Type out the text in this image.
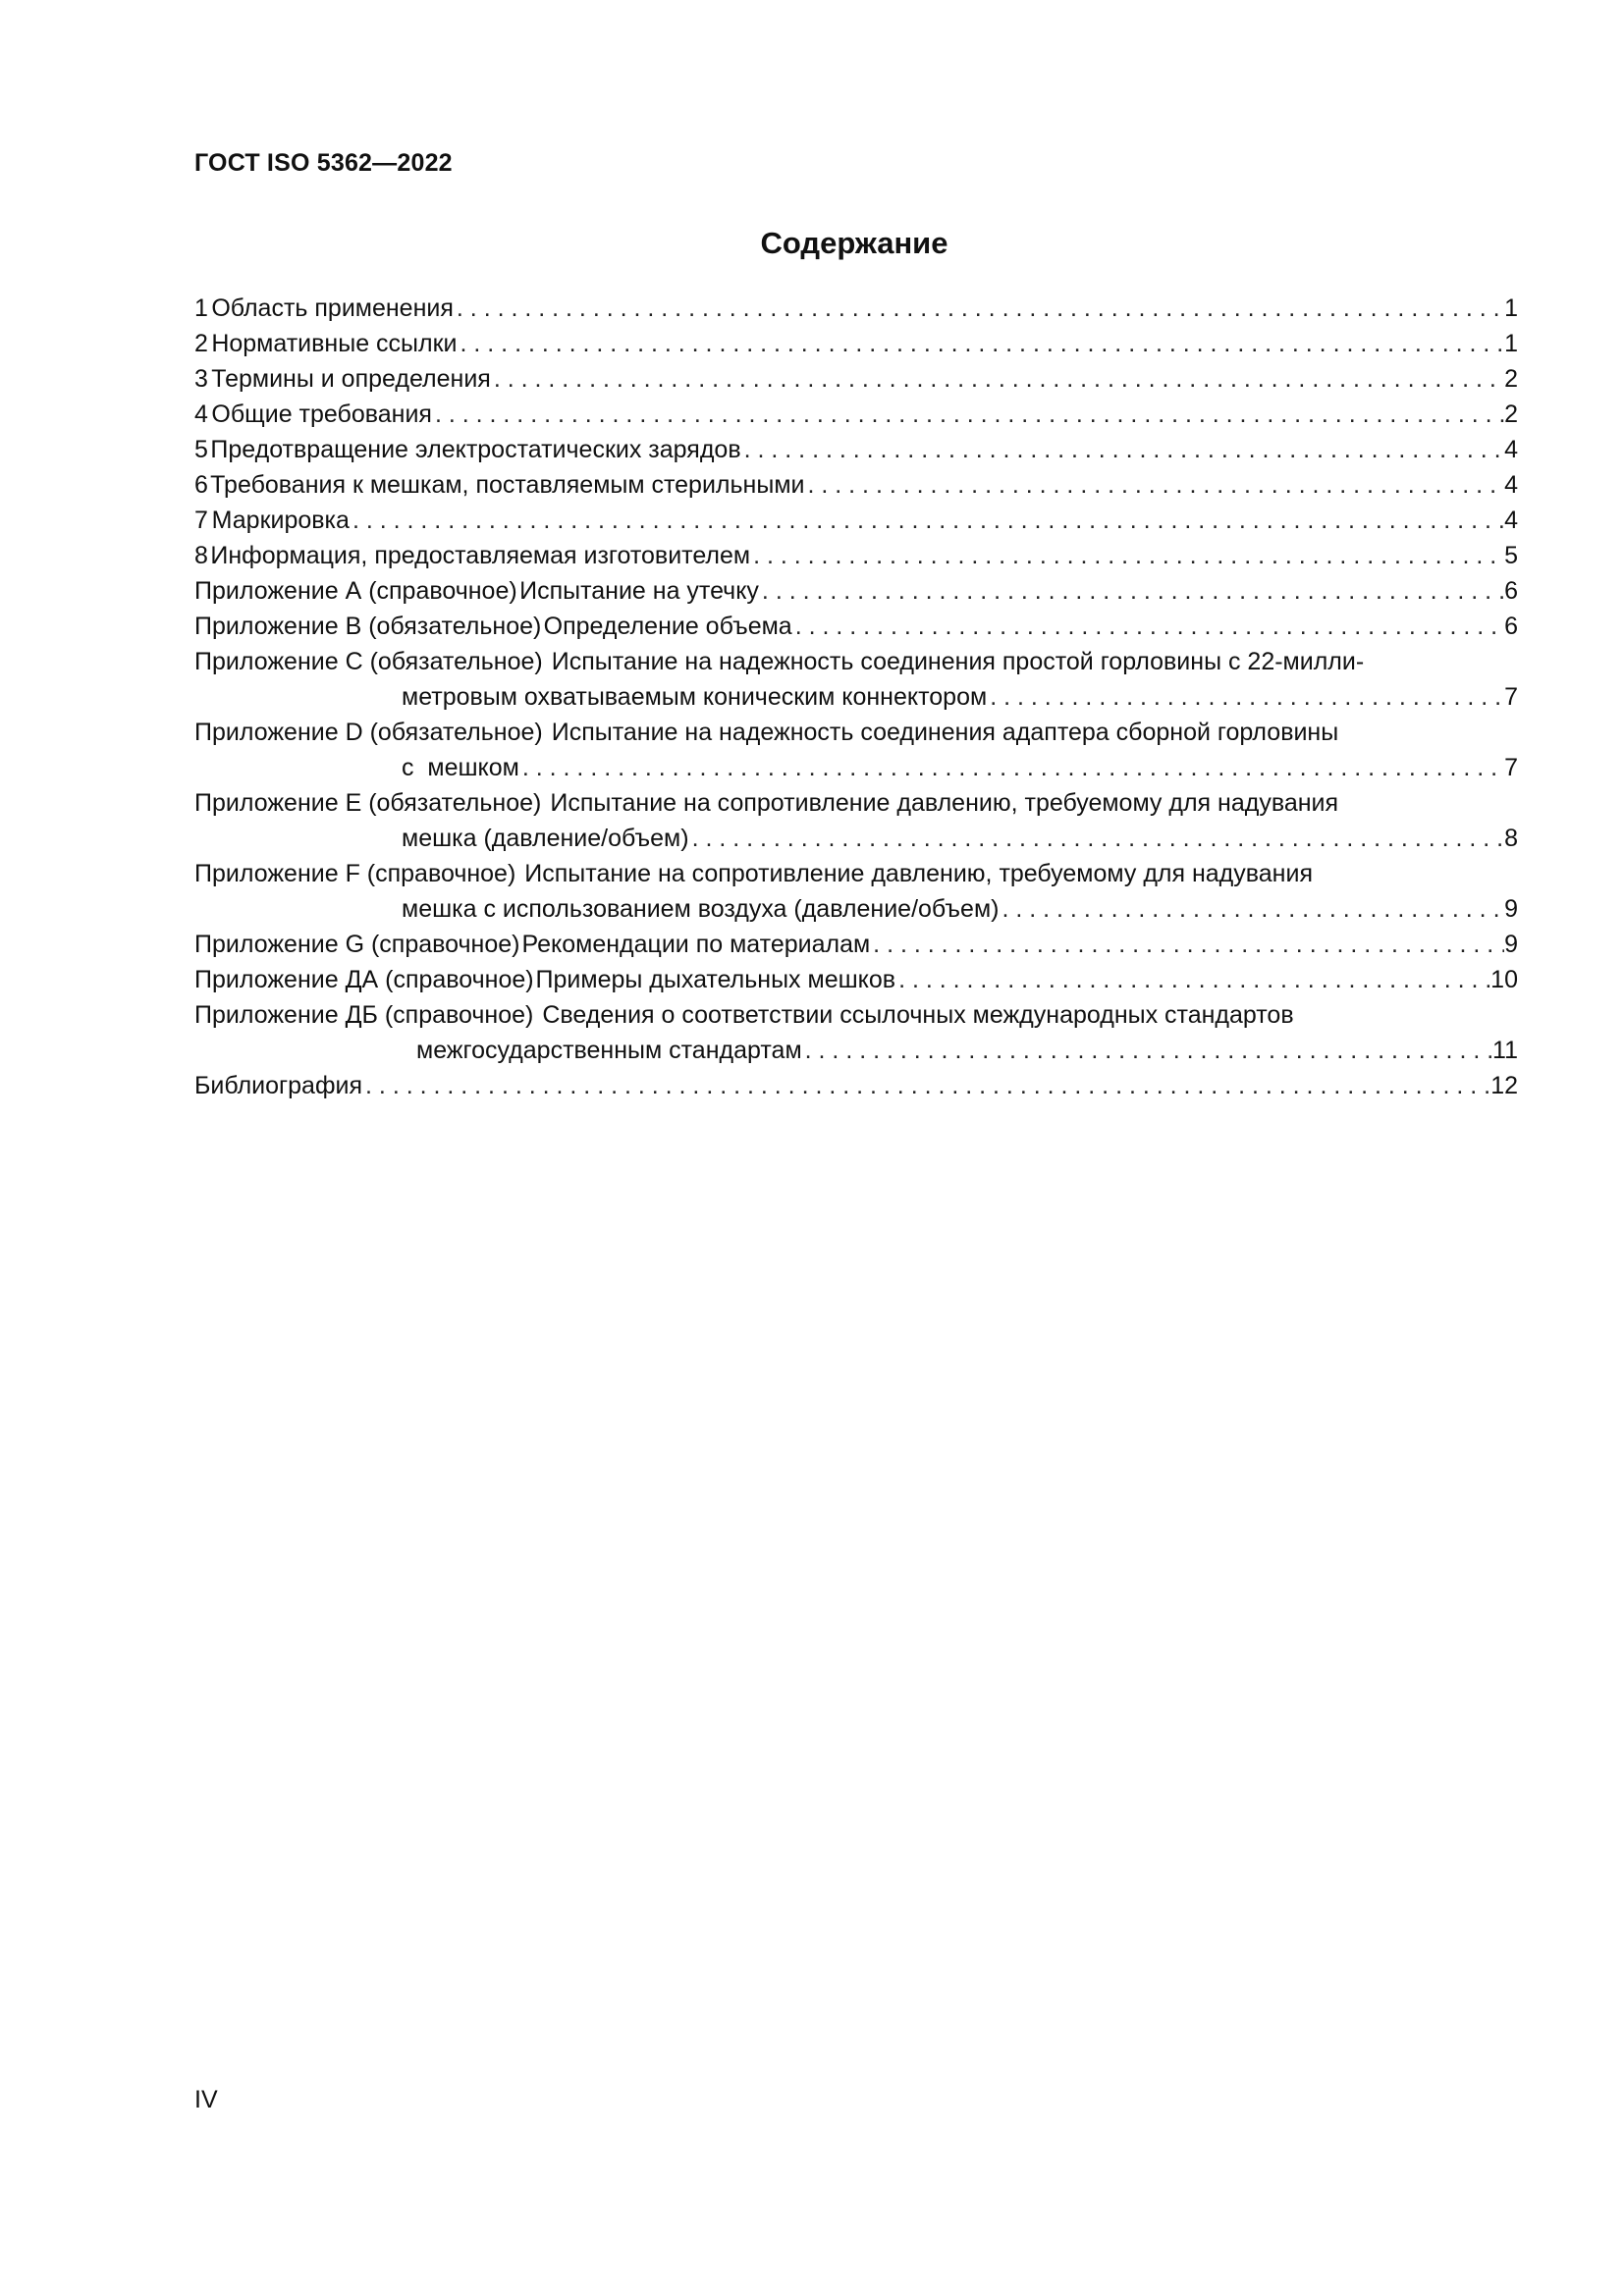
ГОСТ ISO 5362—2022
Содержание
1 Область применения . . .	1
2 Нормативные ссылки . . .	1
3 Термины и определения . . .	2
4 Общие требования . . .	2
5 Предотвращение электростатических зарядов . . .	4
6 Требования к мешкам, поставляемым стерильными . . .	4
7 Маркировка . . .	4
8 Информация, предоставляемая изготовителем . . .	5
Приложение А (справочное) Испытание на утечку . . .	6
Приложение В (обязательное) Определение объема . . .	6
Приложение С (обязательное) Испытание на надежность соединения простой горловины с 22-милли-
метровым охватываемым коническим коннектором . . .	7
Приложение D (обязательное) Испытание на надежность соединения адаптера сборной горловины
с  мешком . . .	7
Приложение Е (обязательное) Испытание на сопротивление давлению, требуемому для надувания
мешка (давление/объем) . . .	8
Приложение F (справочное) Испытание на сопротивление давлению, требуемому для надувания
мешка с использованием воздуха (давление/объем) . . .	9
Приложение G (справочное) Рекомендации по материалам . . .	9
Приложение ДА (справочное) Примеры дыхательных мешков . . .	10
Приложение ДБ (справочное) Сведения о соответствии ссылочных международных стандартов
межгосударственным стандартам . . .	11
Библиография . . .	12
IV
